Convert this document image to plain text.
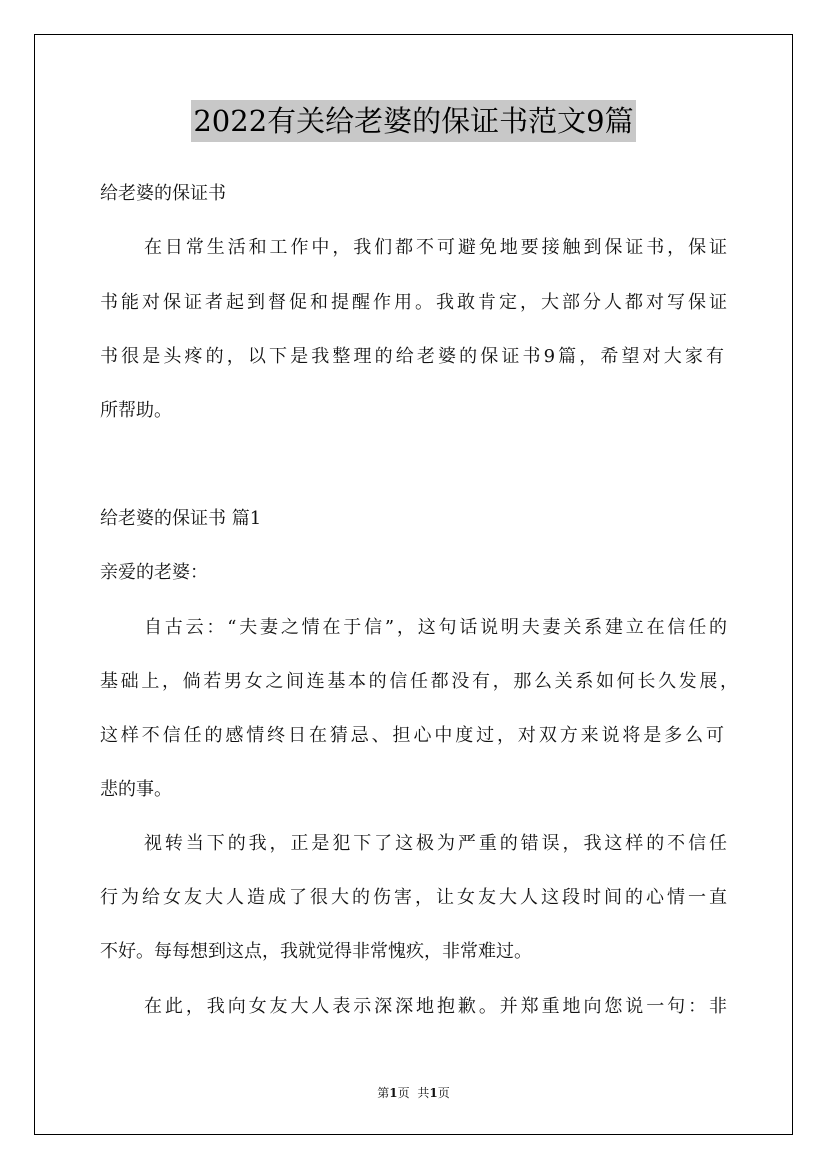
2022有关给老婆的保证书范文9篇
给老婆的保证书
在日常生活和工作中，我们都不可避免地要接触到保证书，保证
书能对保证者起到督促和提醒作用。我敢肯定，大部分人都对写保证
书很是头疼的，以下是我整理的给老婆的保证书9篇，希望对大家有
所帮助。
给老婆的保证书 篇1
亲爱的老婆：
自古云：“夫妻之情在于信”，这句话说明夫妻关系建立在信任的
基础上，倘若男女之间连基本的信任都没有，那么关系如何长久发展，
这样不信任的感情终日在猜忌、担心中度过，对双方来说将是多么可
悲的事。
视转当下的我，正是犯下了这极为严重的错误，我这样的不信任
行为给女友大人造成了很大的伤害，让女友大人这段时间的心情一直
不好。每每想到这点，我就觉得非常愧疚，非常难过。
在此，我向女友大人表示深深地抱歉。并郑重地向您说一句：非
第1页 共1页
